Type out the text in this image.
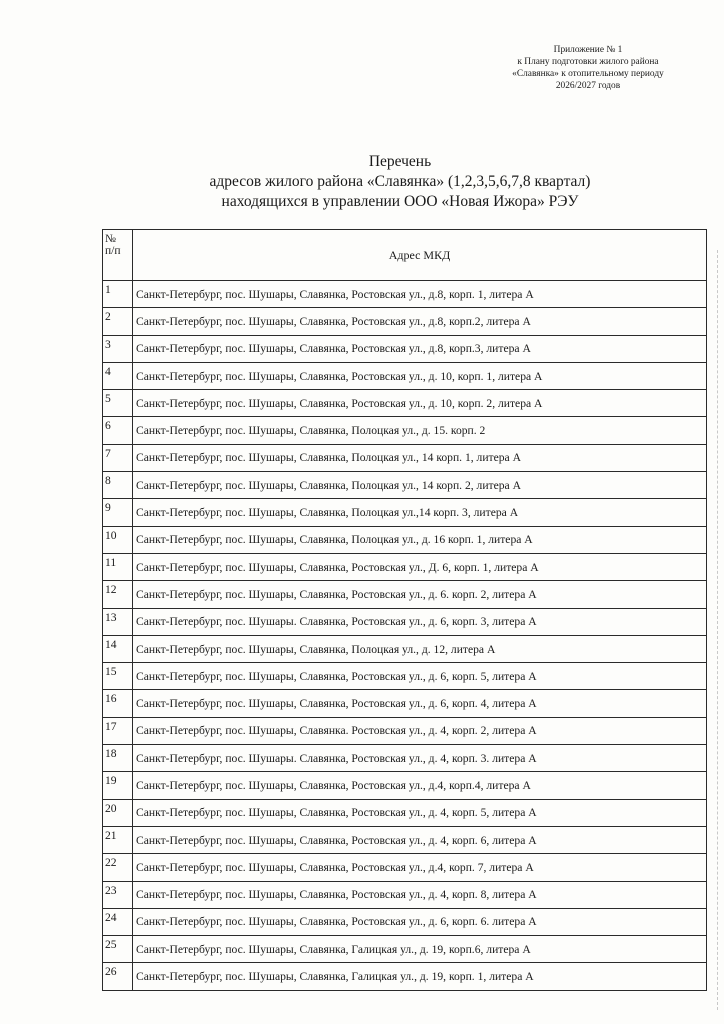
Приложение № 1
к Плану подготовки жилого района
«Славянка» к отопительному периоду
2026/2027 годов
Перечень
адресов жилого района «Славянка» (1,2,3,5,6,7,8 квартал)
находящихся в управлении ООО «Новая Ижора» РЭУ
№
п/п	Адрес МКД
1	Санкт-Петербург, пос. Шушары, Славянка, Ростовская ул., д.8, корп. 1, литера А
2	Санкт-Петербург, пос. Шушары, Славянка, Ростовская ул., д.8, корп.2, литера А
3	Санкт-Петербург, пос. Шушары, Славянка, Ростовская ул., д.8, корп.3, литера А
4	Санкт-Петербург, пос. Шушары, Славянка, Ростовская ул., д. 10, корп. 1, литера А
5	Санкт-Петербург, пос. Шушары, Славянка, Ростовская ул., д. 10, корп. 2, литера А
6	Санкт-Петербург, пос. Шушары, Славянка, Полоцкая ул., д. 15. корп. 2
7	Санкт-Петербург, пос. Шушары, Славянка, Полоцкая ул., 14 корп. 1, литера А
8	Санкт-Петербург, пос. Шушары, Славянка, Полоцкая ул., 14 корп. 2, литера А
9	Санкт-Петербург, пос. Шушары, Славянка, Полоцкая ул.,14 корп. 3, литера А
10	Санкт-Петербург, пос. Шушары, Славянка, Полоцкая ул., д. 16 корп. 1, литера А
11	Санкт-Петербург, пос. Шушары, Славянка, Ростовская ул., Д. 6, корп. 1, литера А
12	Санкт-Петербург, пос. Шушары, Славянка, Ростовская ул., д. 6. корп. 2, литера А
13	Санкт-Петербург, пос. Шушары. Славянка, Ростовская ул., д. 6, корп. 3, литера А
14	Санкт-Петербург, пос. Шушары, Славянка, Полоцкая ул., д. 12, литера А
15	Санкт-Петербург, пос. Шушары, Славянка, Ростовская ул., д. 6, корп. 5, литера А
16	Санкт-Петербург, пос. Шушары, Славянка, Ростовская ул., д. 6, корп. 4, литера А
17	Санкт-Петербург, пос. Шушары, Славянка. Ростовская ул., д. 4, корп. 2, литера А
18	Санкт-Петербург, пос. Шушары. Славянка, Ростовская ул., д. 4, корп. 3. литера А
19	Санкт-Петербург, пос. Шушары, Славянка, Ростовская ул., д.4, корп.4, литера А
20	Санкт-Петербург, пос. Шушары, Славянка, Ростовская ул., д. 4, корп. 5, литера А
21	Санкт-Петербург, пос. Шушары, Славянка, Ростовская ул., д. 4, корп. 6, литера А
22	Санкт-Петербург, пос. Шушары, Славянка, Ростовская ул., д.4, корп. 7, литера А
23	Санкт-Петербург, пос. Шушары, Славянка, Ростовская ул., д. 4, корп. 8, литера А
24	Санкт-Петербург, пос. Шушары, Славянка, Ростовская ул., д. 6, корп. 6. литера А
25	Санкт-Петербург, пос. Шушары, Славянка, Галицкая ул., д. 19, корп.6, литера А
26	Санкт-Петербург, пос. Шушары, Славянка, Галицкая ул., д. 19, корп. 1, литера А
